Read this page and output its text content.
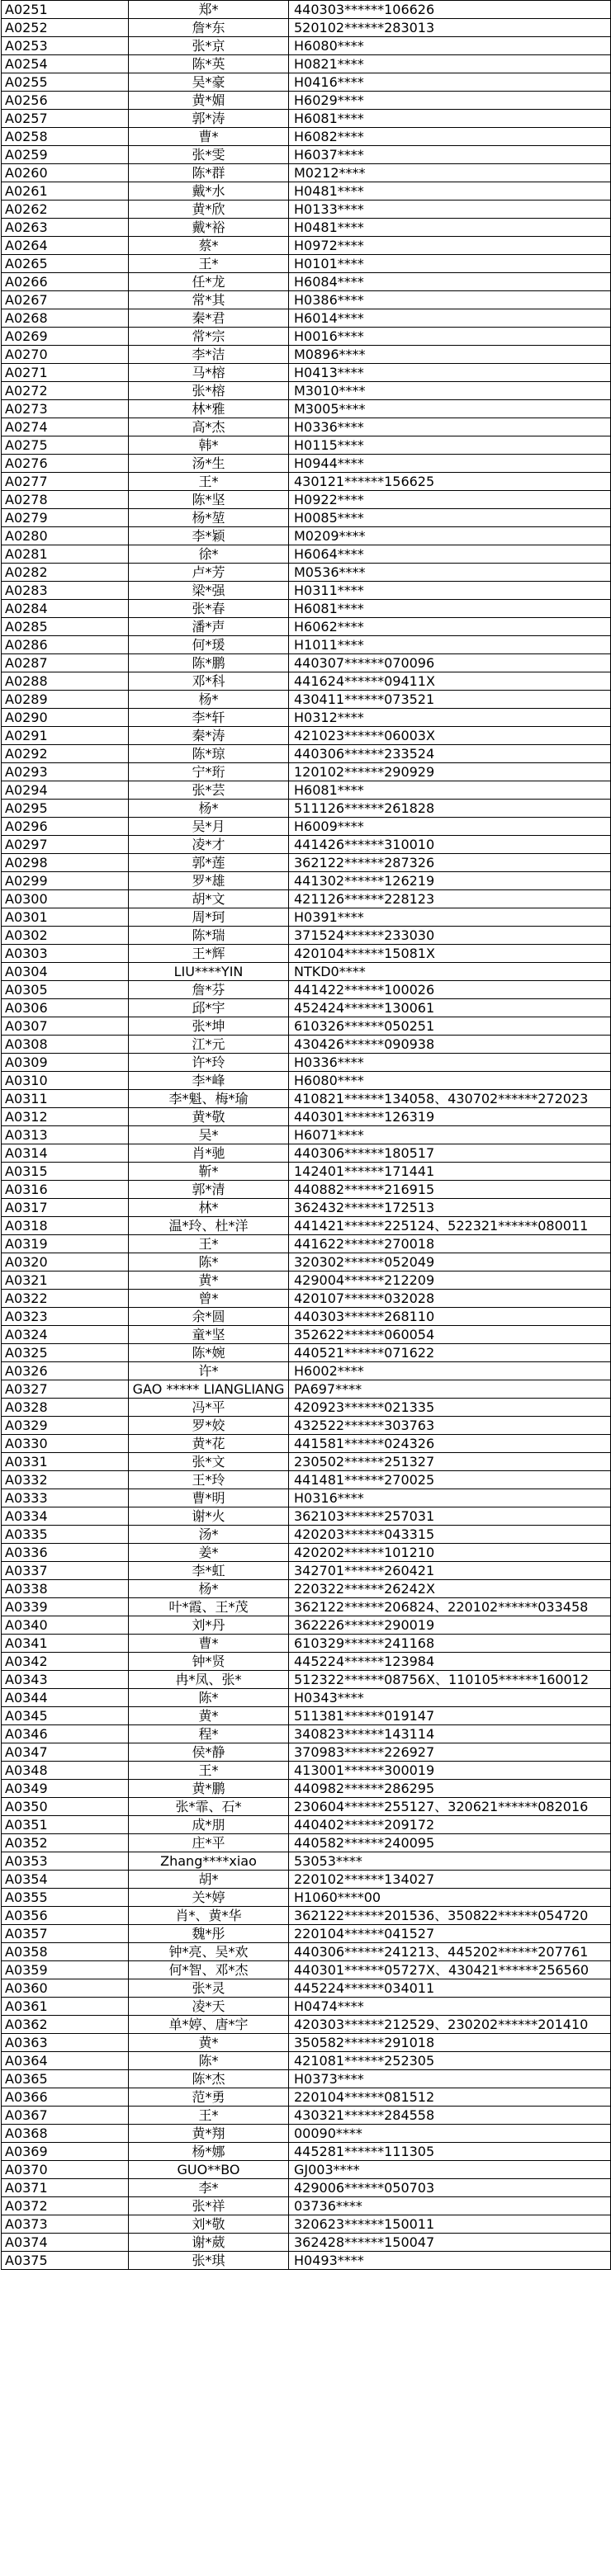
A0251	郑*	440303******106626
A0252	詹*东	520102******283013
A0253	张*京	H6080****
A0254	陈*英	H0821****
A0255	吴*豪	H0416****
A0256	黄*媚	H6029****
A0257	郭*涛	H6081****
A0258	曹*	H6082****
A0259	张*雯	H6037****
A0260	陈*群	M0212****
A0261	戴*水	H0481****
A0262	黄*欣	H0133****
A0263	戴*裕	H0481****
A0264	蔡*	H0972****
A0265	王*	H0101****
A0266	任*龙	H6084****
A0267	常*其	H0386****
A0268	秦*君	H6014****
A0269	常*宗	H0016****
A0270	李*洁	M0896****
A0271	马*榕	H0413****
A0272	张*榕	M3010****
A0273	林*雅	M3005****
A0274	高*杰	H0336****
A0275	韩*	H0115****
A0276	汤*生	H0944****
A0277	王*	430121******156625
A0278	陈*坚	H0922****
A0279	杨*堃	H0085****
A0280	李*颖	M0209****
A0281	徐*	H6064****
A0282	卢*芳	M0536****
A0283	梁*强	H0311****
A0284	张*春	H6081****
A0285	潘*声	H6062****
A0286	何*瑗	H1011****
A0287	陈*鹏	440307******070096
A0288	邓*科	441624******09411X
A0289	杨*	430411******073521
A0290	李*轩	H0312****
A0291	秦*涛	421023******06003X
A0292	陈*琼	440306******233524
A0293	宁*珩	120102******290929
A0294	张*芸	H6081****
A0295	杨*	511126******261828
A0296	吴*月	H6009****
A0297	凌*才	441426******310010
A0298	郭*莲	362122******287326
A0299	罗*雄	441302******126219
A0300	胡*文	421126******228123
A0301	周*珂	H0391****
A0302	陈*瑞	371524******233030
A0303	王*辉	420104******15081X
A0304	LIU****YIN	NTKD0****
A0305	詹*芬	441422******100026
A0306	邱*宇	452424******130061
A0307	张*坤	610326******050251
A0308	江*元	430426******090938
A0309	许*玲	H0336****
A0310	李*峰	H6080****
A0311	李*魁、梅*瑜	410821******134058、430702******272023
A0312	黄*敬	440301******126319
A0313	吴*	H6071****
A0314	肖*驰	440306******180517
A0315	靳*	142401******171441
A0316	郭*清	440882******216915
A0317	林*	362432******172513
A0318	温*玲、杜*洋	441421******225124、522321******080011
A0319	王*	441622******270018
A0320	陈*	320302******052049
A0321	黄*	429004******212209
A0322	曾*	420107******032028
A0323	余*圆	440303******268110
A0324	童*坚	352622******060054
A0325	陈*婉	440521******071622
A0326	许*	H6002****
A0327	GAO ***** LIANGLIANG	PA697****
A0328	冯*平	420923******021335
A0329	罗*姣	432522******303763
A0330	黄*花	441581******024326
A0331	张*文	230502******251327
A0332	王*玲	441481******270025
A0333	曹*明	H0316****
A0334	谢*火	362103******257031
A0335	汤*	420203******043315
A0336	姜*	420202******101210
A0337	李*虹	342701******260421
A0338	杨*	220322******26242X
A0339	叶*霞、王*茂	362122******206824、220102******033458
A0340	刘*丹	362226******290019
A0341	曹*	610329******241168
A0342	钟*贤	445224******123984
A0343	冉*凤、张*	512322******08756X、110105******160012
A0344	陈*	H0343****
A0345	黄*	511381******019147
A0346	程*	340823******143114
A0347	侯*静	370983******226927
A0348	王*	413001******300019
A0349	黄*鹏	440982******286295
A0350	张*霏、石*	230604******255127、320621******082016
A0351	成*朋	440402******209172
A0352	庄*平	440582******240095
A0353	Zhang****xiao	53053****
A0354	胡*	220102******134027
A0355	关*婷	H1060****00
A0356	肖*、黄*华	362122******201536、350822******054720
A0357	魏*彤	220104******041527
A0358	钟*亮、吴*欢	440306******241213、445202******207761
A0359	何*智、邓*杰	440301******05727X、430421******256560
A0360	张*灵	445224******034011
A0361	凌*天	H0474****
A0362	单*婷、唐*宇	420303******212529、230202******201410
A0363	黄*	350582******291018
A0364	陈*	421081******252305
A0365	陈*杰	H0373****
A0366	范*勇	220104******081512
A0367	王*	430321******284558
A0368	黄*翔	00090****
A0369	杨*娜	445281******111305
A0370	GUO**BO	GJ003****
A0371	李*	429006******050703
A0372	张*祥	03736****
A0373	刘*敬	320623******150011
A0374	谢*葳	362428******150047
A0375	张*琪	H0493****
